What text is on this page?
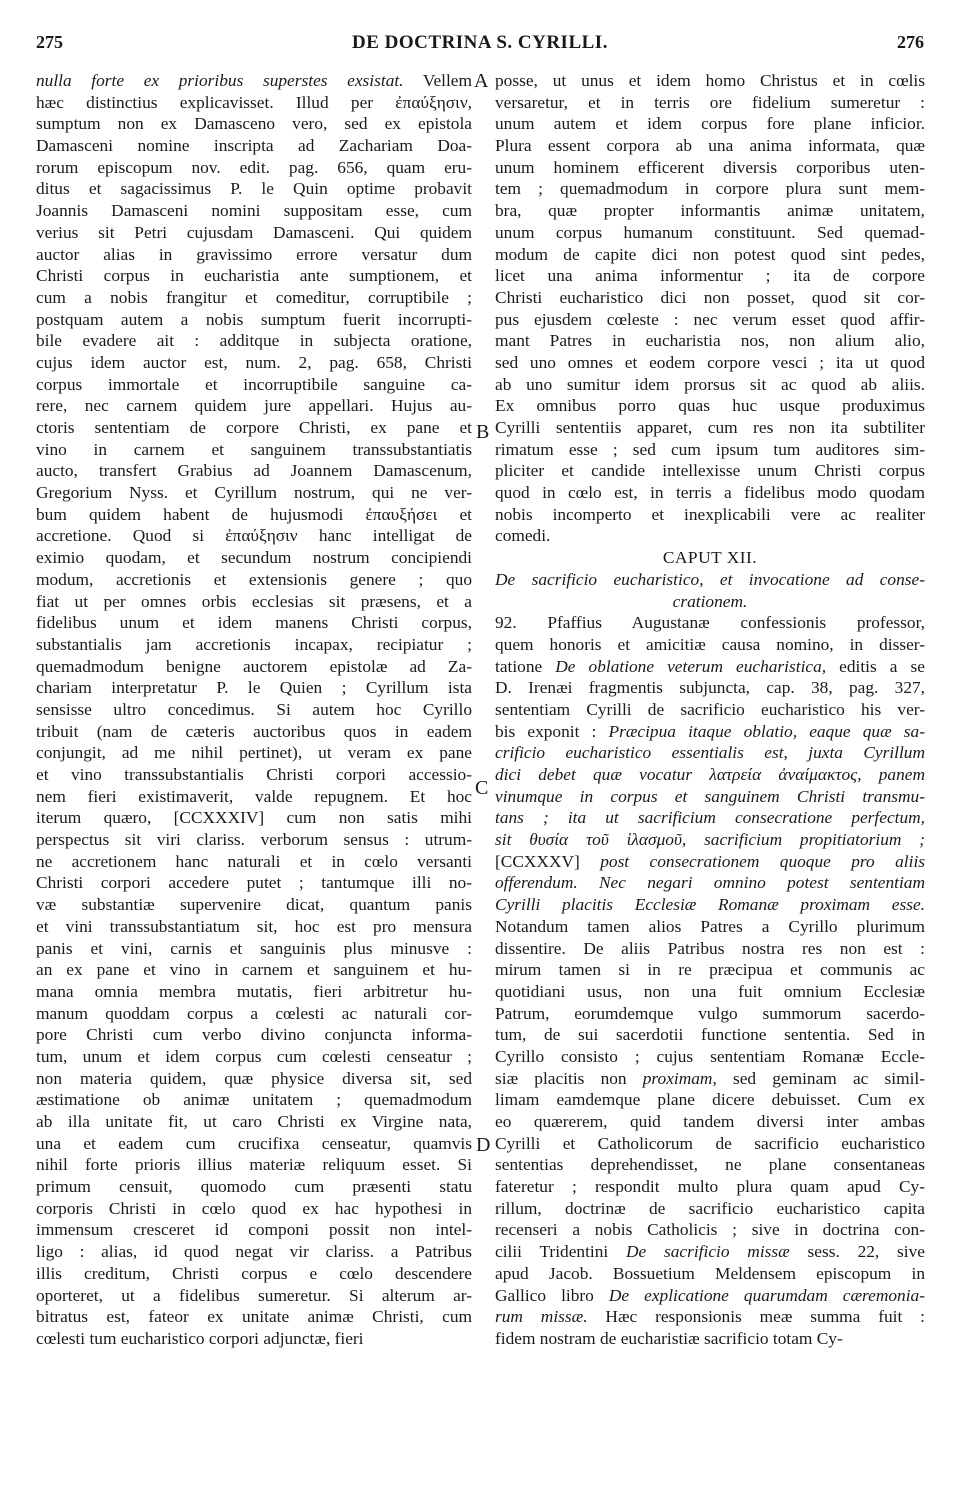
275	DE DOCTRINA S. CYRILLI.	276
nulla forte ex prioribus superstes exsistat. Vellem
hæc distinctius explicavisset. Illud per ἐπαύξησιν,
sumptum non ex Damasceno vero, sed ex epistola
Damasceni nomine inscripta ad Zachariam Doa-
rorum episcopum nov. edit. pag. 656, quam eru-
ditus et sagacissimus P. le Quin optime probavit
Joannis Damasceni nomini suppositam esse, cum
verius sit Petri cujusdam Damasceni. Qui quidem
auctor alias in gravissimo errore versatur dum
Christi corpus in eucharistia ante sumptionem, et
cum a nobis frangitur et comeditur, corruptibile ;
postquam autem a nobis sumptum fuerit incorrupti-
bile evadere ait : additque in subjecta oratione,
cujus idem auctor est, num. 2, pag. 658, Christi
corpus immortale et incorruptibile sanguine ca-
rere, nec carnem quidem jure appellari. Hujus au-
ctoris sententiam de corpore Christi, ex pane et
vino in carnem et sanguinem transsubstantiatis
aucto, transfert Grabius ad Joannem Damascenum,
Gregorium Nyss. et Cyrillum nostrum, qui ne ver-
bum quidem habent de hujusmodi ἐπαυξήσει et
accretione. Quod si ἐπαύξησιν hanc intelligat de
eximio quodam, et secundum nostrum concipiendi
modum, accretionis et extensionis genere ; quo
fiat ut per omnes orbis ecclesias sit præsens, et a
fidelibus unum et idem manens Christi corpus,
substantialis jam accretionis incapax, recipiatur ;
quemadmodum benigne auctorem epistolæ ad Za-
chariam interpretatur P. le Quien ; Cyrillum ista
sensisse ultro concedimus. Si autem hoc Cyrillo
tribuit (nam de cæteris auctoribus quos in eadem
conjungit, ad me nihil pertinet), ut veram ex pane
et vino transsubstantialis Christi corpori accessio-
nem fieri existimaverit, valde repugnem. Et hoc
iterum quæro, [CCXXXIV] cum non satis mihi
perspectus sit viri clariss. verborum sensus : utrum-
ne accretionem hanc naturali et in cœlo versanti
Christi corpori accedere putet ; tantumque illi no-
væ substantiæ supervenire dicat, quantum panis
et vini transsubstantiatum sit, hoc est pro mensura
panis et vini, carnis et sanguinis plus minusve :
an ex pane et vino in carnem et sanguinem et hu-
mana omnia membra mutatis, fieri arbitretur hu-
manum quoddam corpus a cœlesti ac naturali cor-
pore Christi cum verbo divino conjuncta informa-
tum, unum et idem corpus cum cœlesti censeatur ;
non materia quidem, quæ physice diversa sit, sed
æstimatione ob animæ unitatem ; quemadmodum
ab illa unitate fit, ut caro Christi ex Virgine nata,
una et eadem cum crucifixa censeatur, quamvis
nihil forte prioris illius materiæ reliquum esset. Si
primum censuit, quomodo cum præsenti statu
corporis Christi in cœlo quod ex hac hypothesi in
immensum cresceret id componi possit non intel-
ligo : alias, id quod negat vir clariss. a Patribus
illis creditum, Christi corpus e cœlo descendere
oporteret, ut a fidelibus sumeretur. Si alterum ar-
bitratus est, fateor ex unitate animæ Christi, cum
cœlesti tum eucharistico corpori adjunctæ, fieri
posse, ut unus et idem homo Christus et in cœlis
versaretur, et in terris ore fidelium sumeretur :
unum autem et idem corpus fore plane inficior.
Plura essent corpora ab una anima informata, quæ
unum hominem efficerent diversis corporibus uten-
tem ; quemadmodum in corpore plura sunt mem-
bra, quæ propter informantis animæ unitatem,
unum corpus humanum constituunt. Sed quemad-
modum de capite dici non potest quod sint pedes,
licet una anima informentur ; ita de corpore
Christi eucharistico dici non posset, quod sit cor-
pus ejusdem cœleste : nec verum esset quod affir-
mant Patres in eucharistia nos, non alium alio,
sed uno omnes et eodem corpore vesci ; ita ut quod
ab uno sumitur idem prorsus sit ac quod ab aliis.
Ex omnibus porro quas huc usque produximus
Cyrilli sententiis apparet, cum res non ita subtiliter
rimatum esse ; sed cum ipsum tum auditores sim-
pliciter et candide intellexisse unum Christi corpus
quod in cœlo est, in terris a fidelibus modo quodam
nobis incomperto et inexplicabili vere ac realiter
comedi.
CAPUT XII.
De sacrificio eucharistico, et invocatione ad conse-
crationem.
92. Pfaffius Augustanæ confessionis professor,
quem honoris et amicitiæ causa nomino, in disser-
tatione De oblatione veterum eucharistica, editis a se
D. Irenæi fragmentis subjuncta, cap. 38, pag. 327,
sententiam Cyrilli de sacrificio eucharistico his ver-
bis exponit : Præcipua itaque oblatio, eaque quæ sa-
crificio eucharistico essentialis est, juxta Cyrillum
dici debet quæ vocatur λατρεία ἀναίμακτος, panem
vinumque in corpus et sanguinem Christi transmu-
tans ; ita ut sacrificium consecratione perfectum,
sit θυσία τοῦ ἱλασμοῦ, sacrificium propitiatorium ;
[CCXXXV] post consecrationem quoque pro aliis
offerendum. Nec negari omnino potest sententiam
Cyrilli placitis Ecclesiæ Romanæ proximam esse.
Notandum tamen alios Patres a Cyrillo plurimum
dissentire. De aliis Patribus nostra res non est :
mirum tamen si in re præcipua et communis ac
quotidiani usus, non una fuit omnium Ecclesiæ
Patrum, eorumdemque vulgo summorum sacerdo-
tum, de sui sacerdotii functione sententia. Sed in
Cyrillo consisto ; cujus sententiam Romanæ Eccle-
siæ placitis non proximam, sed geminam ac simil-
limam eamdemque plane dicere debuisset. Cum ex
eo quærerem, quid tandem diversi inter ambas
Cyrilli et Catholicorum de sacrificio eucharistico
sententias deprehendisset, ne plane consentaneas
fateretur ; respondit multo plura quam apud Cy-
rillum, doctrinæ de sacrificio eucharistico capita
recenseri a nobis Catholicis ; sive in doctrina con-
cilii Tridentini De sacrificio missæ sess. 22, sive
apud Jacob. Bossuetium Meldensem episcopum in
Gallico libro De explicatione quarumdam cæremonia-
rum missæ. Hæc responsionis meæ summa fuit :
fidem nostram de eucharistiæ sacrificio totam Cy-
A
B
C
D
